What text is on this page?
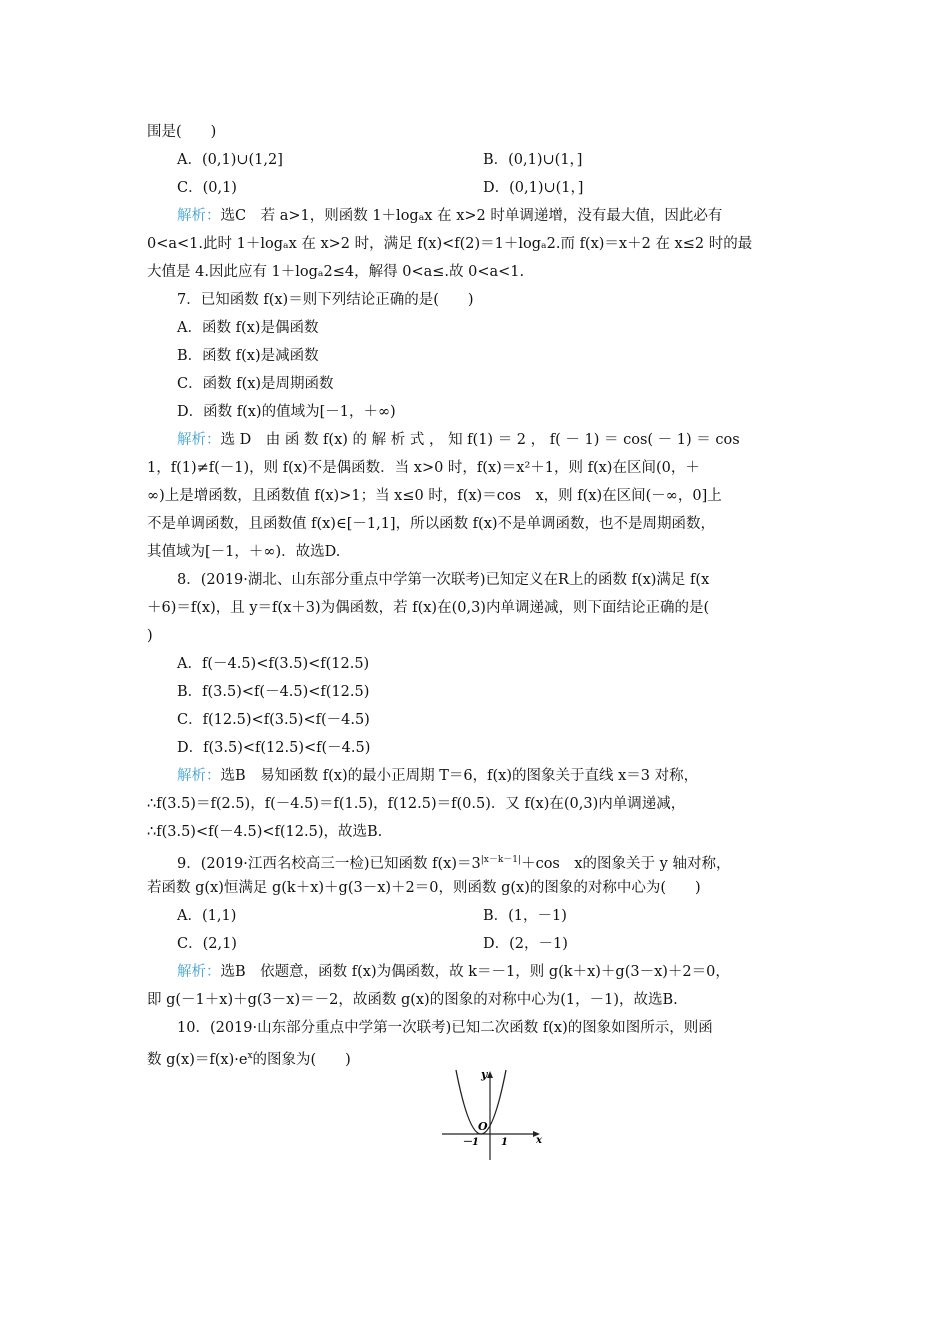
围是(　　)
A．(0,1)∪(1,2]	B．(0,1)∪(1，]
C．(0,1)	D．(0,1)∪(1，]
解析：选C　若 a>1，则函数 1＋logₐx 在 x>2 时单调递增，没有最大值，因此必有
0<a<1.此时 1＋logₐx 在 x>2 时，满足 f(x)<f(2)＝1＋logₐ2.而 f(x)＝x＋2 在 x≤2 时的最
大值是 4.因此应有 1＋logₐ2≤4，解得 0<a≤.故 0<a<1.
7．已知函数 f(x)＝则下列结论正确的是(　　)
A．函数 f(x)是偶函数
B．函数 f(x)是减函数
C．函数 f(x)是周期函数
D．函数 f(x)的值域为[－1，＋∞)
解析：选 D　由 函 数 f(x) 的 解 析 式 ， 知 f(1) ＝ 2 ， f( － 1) ＝ cos( － 1) ＝ cos
1，f(1)≠f(－1)，则 f(x)不是偶函数．当 x>0 时，f(x)＝x²＋1，则 f(x)在区间(0，＋
∞)上是增函数，且函数值 f(x)>1；当 x≤0 时，f(x)＝cos　x，则 f(x)在区间(－∞，0]上
不是单调函数，且函数值 f(x)∈[－1,1]，所以函数 f(x)不是单调函数，也不是周期函数，
其值域为[－1，＋∞)．故选D.
8．(2019·湖北、山东部分重点中学第一次联考)已知定义在R上的函数 f(x)满足 f(x
＋6)＝f(x)，且 y＝f(x＋3)为偶函数，若 f(x)在(0,3)内单调递减，则下面结论正确的是(
)
A．f(－4.5)<f(3.5)<f(12.5)
B．f(3.5)<f(－4.5)<f(12.5)
C．f(12.5)<f(3.5)<f(－4.5)
D．f(3.5)<f(12.5)<f(－4.5)
解析：选B　易知函数 f(x)的最小正周期 T＝6，f(x)的图象关于直线 x＝3 对称，
∴f(3.5)＝f(2.5)，f(－4.5)＝f(1.5)，f(12.5)＝f(0.5)．又 f(x)在(0,3)内单调递减，
∴f(3.5)<f(－4.5)<f(12.5)，故选B.
9．(2019·江西名校高三一检)已知函数 $f(x)=3^{|x-k-1|}+\cos$　x的图象关于 y 轴对称，
若函数 g(x)恒满足 g(k＋x)＋g(3－x)＋2＝0，则函数 g(x)的图象的对称中心为(　　)
A．(1,1)	B．(1，－1)
C．(2,1)	D．(2，－1)
解析：选B　依题意，函数 f(x)为偶函数，故 k＝－1，则 g(k＋x)＋g(3－x)＋2＝0，
即 g(－1＋x)＋g(3－x)＝－2，故函数 g(x)的图象的对称中心为(1，－1)，故选B.
10．(2019·山东部分重点中学第一次联考)已知二次函数 f(x)的图象如图所示，则函
数 $g(x)=f(x)\cdot e^x$的图象为(　　)
y
x
O
－1 1
